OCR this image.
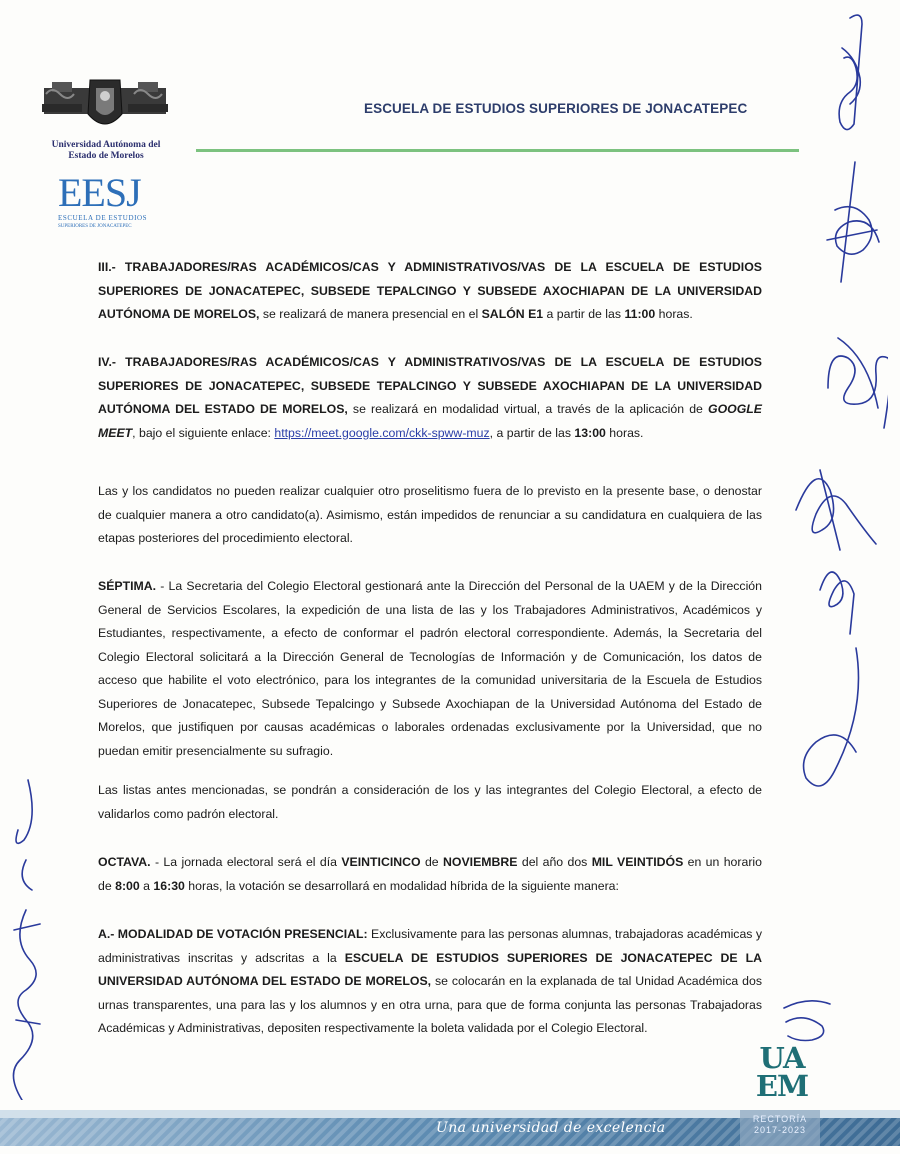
Universidad Autónoma del
Estado de Morelos
EESJ
ESCUELA DE ESTUDIOS
SUPERIORES DE JONACATEPEC
ESCUELA DE ESTUDIOS SUPERIORES DE JONACATEPEC
III.- TRABAJADORES/RAS ACADÉMICOS/CAS Y ADMINISTRATIVOS/VAS DE LA ESCUELA DE ESTUDIOS SUPERIORES DE JONACATEPEC, SUBSEDE TEPALCINGO Y SUBSEDE AXOCHIAPAN DE LA UNIVERSIDAD AUTÓNOMA DE MORELOS, se realizará de manera presencial en el SALÓN E1 a partir de las 11:00 horas.
IV.- TRABAJADORES/RAS ACADÉMICOS/CAS Y ADMINISTRATIVOS/VAS DE LA ESCUELA DE ESTUDIOS SUPERIORES DE JONACATEPEC, SUBSEDE TEPALCINGO Y SUBSEDE AXOCHIAPAN DE LA UNIVERSIDAD AUTÓNOMA DEL ESTADO DE MORELOS, se realizará en modalidad virtual, a través de la aplicación de GOOGLE MEET, bajo el siguiente enlace: https://meet.google.com/ckk-spww-muz, a partir de las 13:00 horas.
Las y los candidatos no pueden realizar cualquier otro proselitismo fuera de lo previsto en la presente base, o denostar de cualquier manera a otro candidato(a). Asimismo, están impedidos de renunciar a su candidatura en cualquiera de las etapas posteriores del procedimiento electoral.
SÉPTIMA. - La Secretaria del Colegio Electoral gestionará ante la Dirección del Personal de la UAEM y de la Dirección General de Servicios Escolares, la expedición de una lista de las y los Trabajadores Administrativos, Académicos y Estudiantes, respectivamente, a efecto de conformar el padrón electoral correspondiente. Además, la Secretaria del Colegio Electoral solicitará a la Dirección General de Tecnologías de Información y de Comunicación, los datos de acceso que habilite el voto electrónico, para los integrantes de la comunidad universitaria de la Escuela de Estudios Superiores de Jonacatepec, Subsede Tepalcingo y Subsede Axochiapan de la Universidad Autónoma del Estado de Morelos, que justifiquen por causas académicas o laborales ordenadas exclusivamente por la Universidad, que no puedan emitir presencialmente su sufragio.
Las listas antes mencionadas, se pondrán a consideración de los y las integrantes del Colegio Electoral, a efecto de validarlos como padrón electoral.
OCTAVA. - La jornada electoral será el día VEINTICINCO de NOVIEMBRE del año dos MIL VEINTIDÓS en un horario de 8:00 a 16:30 horas, la votación se desarrollará en modalidad híbrida de la siguiente manera:
A.- MODALIDAD DE VOTACIÓN PRESENCIAL: Exclusivamente para las personas alumnas, trabajadoras académicas y administrativas inscritas y adscritas a la ESCUELA DE ESTUDIOS SUPERIORES DE JONACATEPEC DE LA UNIVERSIDAD AUTÓNOMA DEL ESTADO DE MORELOS, se colocarán en la explanada de tal Unidad Académica dos urnas transparentes, una para las y los alumnos y en otra urna, para que de forma conjunta las personas Trabajadoras Académicas y Administrativas, depositen respectivamente la boleta validada por el Colegio Electoral.
UA
EM
Una universidad de excelencia
RECTORÍA
2017-2023
